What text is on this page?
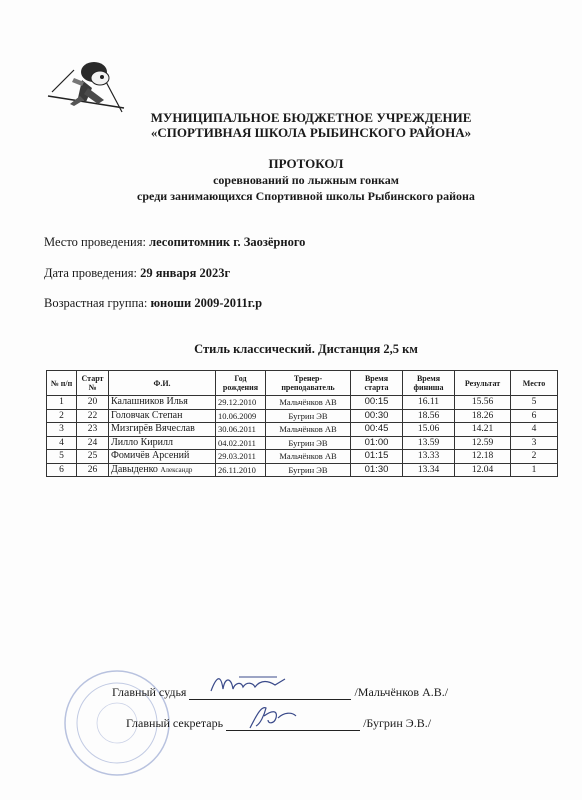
МУНИЦИПАЛЬНОЕ БЮДЖЕТНОЕ УЧРЕЖДЕНИЕ
«СПОРТИВНАЯ ШКОЛА РЫБИНСКОГО РАЙОНА»
ПРОТОКОЛ
соревнований по лыжным гонкам
среди занимающихся Спортивной школы Рыбинского района
Место проведения: лесопитомник г. Заозёрного
Дата проведения: 29 января 2023г
Возрастная группа: юноши 2009-2011г.р
Стиль классический. Дистанция 2,5 км
№ п/п	Старт №	Ф.И.	Год рождения	Тренер-преподаватель	Время старта	Время финиша	Результат	Место
1	20	Калашников Илья	29.12.2010	Мальчёнков АВ	00:15	16.11	15.56	5
2	22	Головчак Степан	10.06.2009	Бугрин ЭВ	00:30	18.56	18.26	6
3	23	Мизгирёв Вячеслав	30.06.2011	Мальчёнков АВ	00:45	15.06	14.21	4
4	24	Лилло Кирилл	04.02.2011	Бугрин ЭВ	01:00	13.59	12.59	3
5	25	Фомичёв Арсений	29.03.2011	Мальчёнков АВ	01:15	13.33	12.18	2
6	26	Давыденко Александр	26.11.2010	Бугрин ЭВ	01:30	13.34	12.04	1
Главный судья	/Мальчёнков А.В./
Главный секретарь	/Бугрин Э.В./
